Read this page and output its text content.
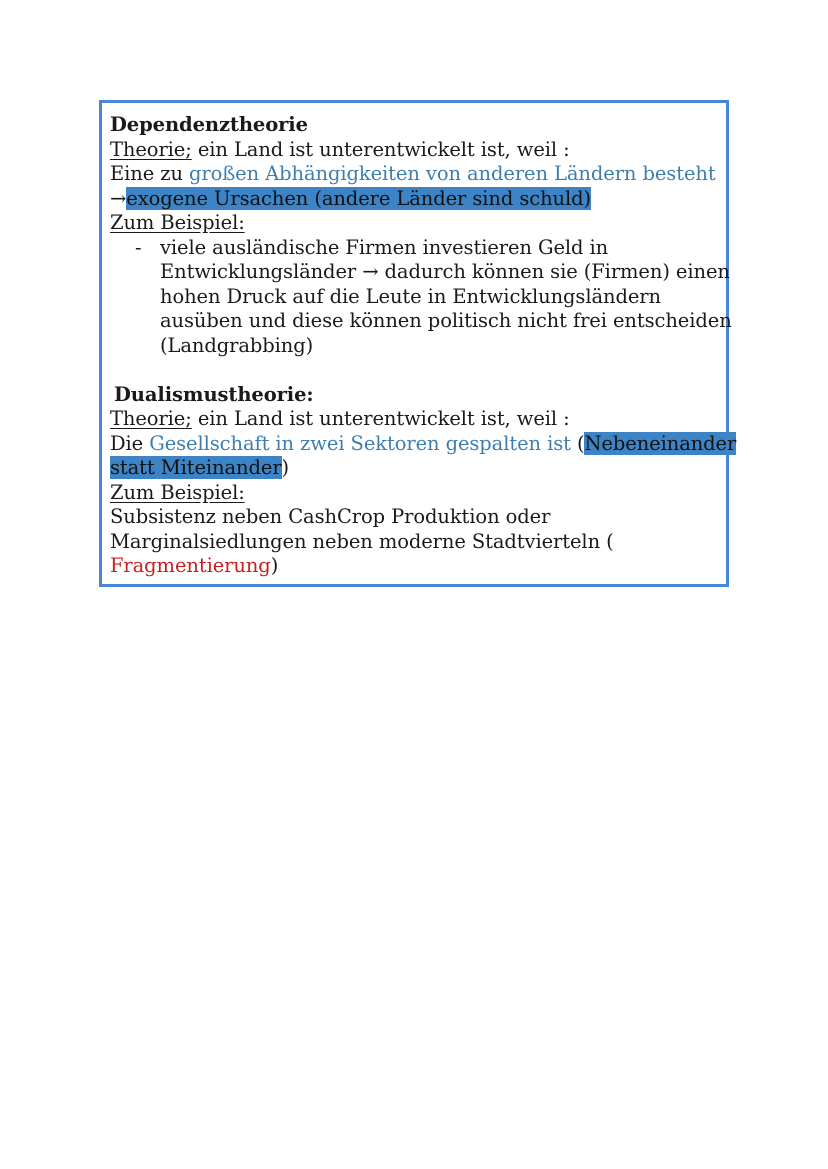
Dependenztheorie
Theorie; ein Land ist unterentwickelt ist, weil :
Eine zu großen Abhängigkeiten von anderen Ländern besteht
→exogene Ursachen (andere Länder sind schuld)
Zum Beispiel:
- viele ausländische Firmen investieren Geld in
Entwicklungsländer → dadurch können sie (Firmen) einen
hohen Druck auf die Leute in Entwicklungsländern
ausüben und diese können politisch nicht frei entscheiden
(Landgrabbing)
Dualismustheorie:
Theorie; ein Land ist unterentwickelt ist, weil :
Die Gesellschaft in zwei Sektoren gespalten ist (Nebeneinander
statt Miteinander)
Zum Beispiel:
Subsistenz neben CashCrop Produktion oder
Marginalsiedlungen neben moderne Stadtvierteln (
Fragmentierung)
